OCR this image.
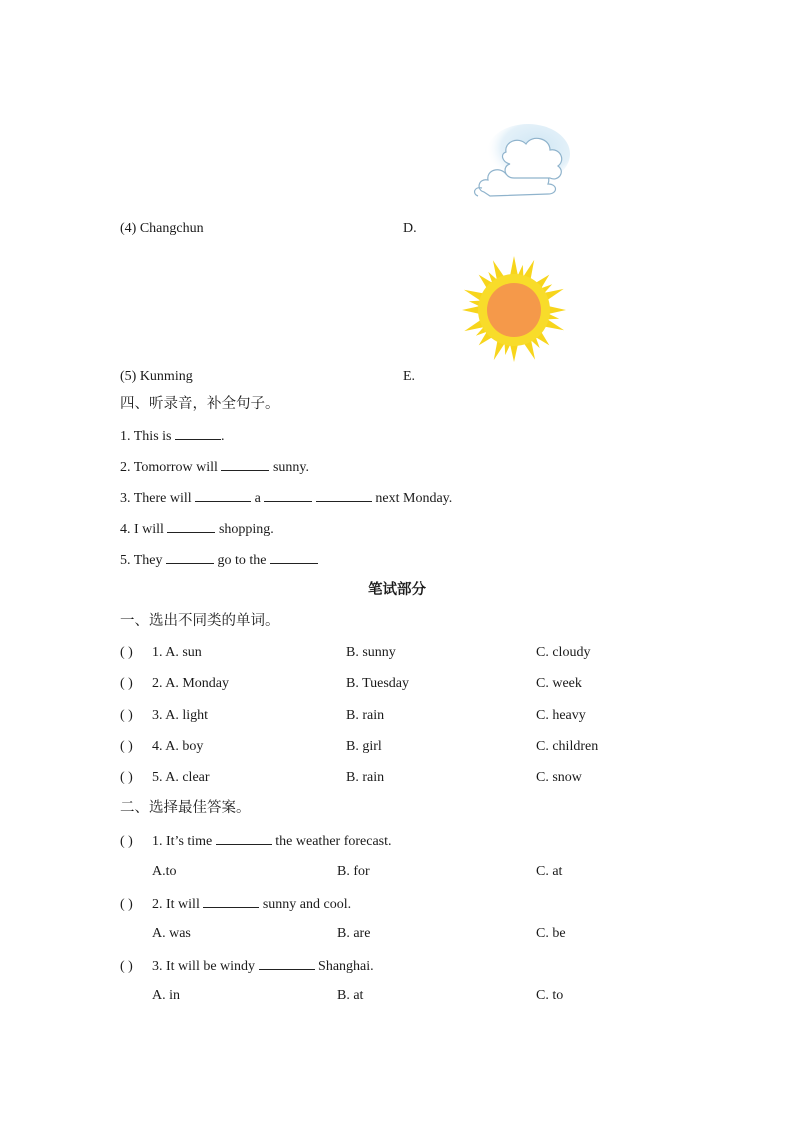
(4) Changchun	D.
(5) Kunming	E.
四、听录音，补全句子。
1. This is	.
2. Tomorrow will	sunny.
3. There will	a	next Monday.
4. I will	shopping.
5. They	go to the
笔试部分
一、选出不同类的单词。
( ) 1. A. sun	B. sunny	C. cloudy
( ) 2. A. Monday	B. Tuesday	C. week
( ) 3. A. light	B. rain	C. heavy
( ) 4. A. boy	B. girl	C. children
( ) 5. A. clear	B. rain	C. snow
二、选择最佳答案。
( ) 1. It’s time	the weather forecast.
A.to	B. for	C. at
( ) 2. It will	sunny and cool.
A. was	B. are	C. be
( ) 3. It will be windy	Shanghai.
A. in	B. at	C. to
